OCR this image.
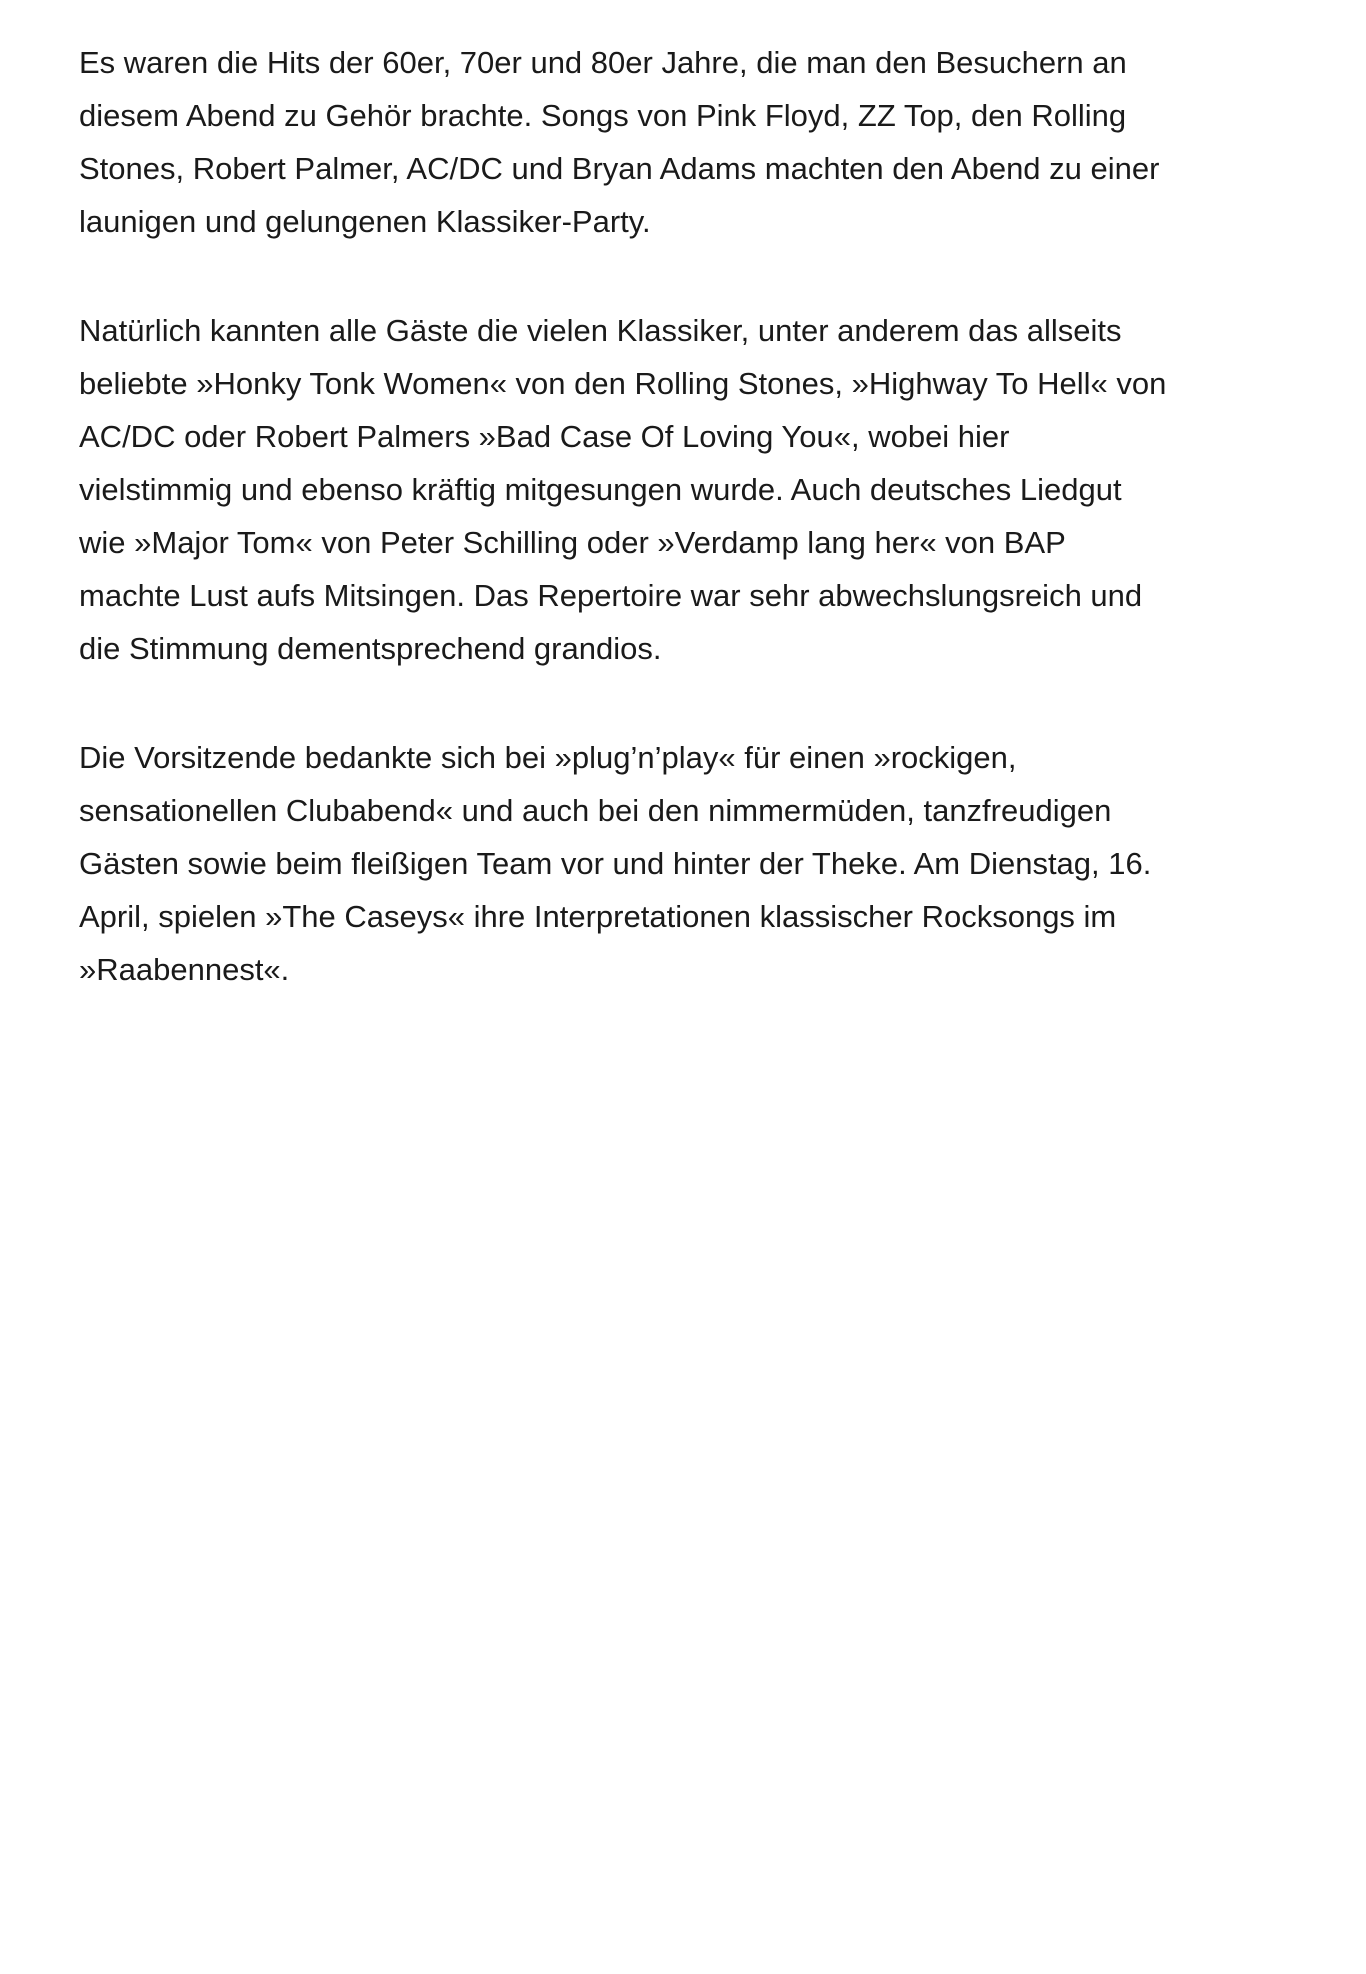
Es waren die Hits der 60er, 70er und 80er Jahre, die man den Besuchern an
diesem Abend zu Gehör brachte. Songs von Pink Floyd, ZZ Top, den Rolling
Stones, Robert Palmer, AC/DC und Bryan Adams machten den Abend zu einer
launigen und gelungenen Klassiker-Party.

Natürlich kannten alle Gäste die vielen Klassiker, unter anderem das allseits
beliebte »Honky Tonk Women« von den Rolling Stones, »Highway To Hell« von
AC/DC oder Robert Palmers »Bad Case Of Loving You«, wobei hier
vielstimmig und ebenso kräftig mitgesungen wurde. Auch deutsches Liedgut
wie »Major Tom« von Peter Schilling oder »Verdamp lang her« von BAP
machte Lust aufs Mitsingen. Das Repertoire war sehr abwechslungsreich und
die Stimmung dementsprechend grandios.

Die Vorsitzende bedankte sich bei »plug’n’play« für einen »rockigen,
sensationellen Clubabend« und auch bei den nimmermüden, tanzfreudigen
Gästen sowie beim fleißigen Team vor und hinter der Theke. Am Dienstag, 16.
April, spielen »The Caseys« ihre Interpretationen klassischer Rocksongs im
»Raabennest«.
